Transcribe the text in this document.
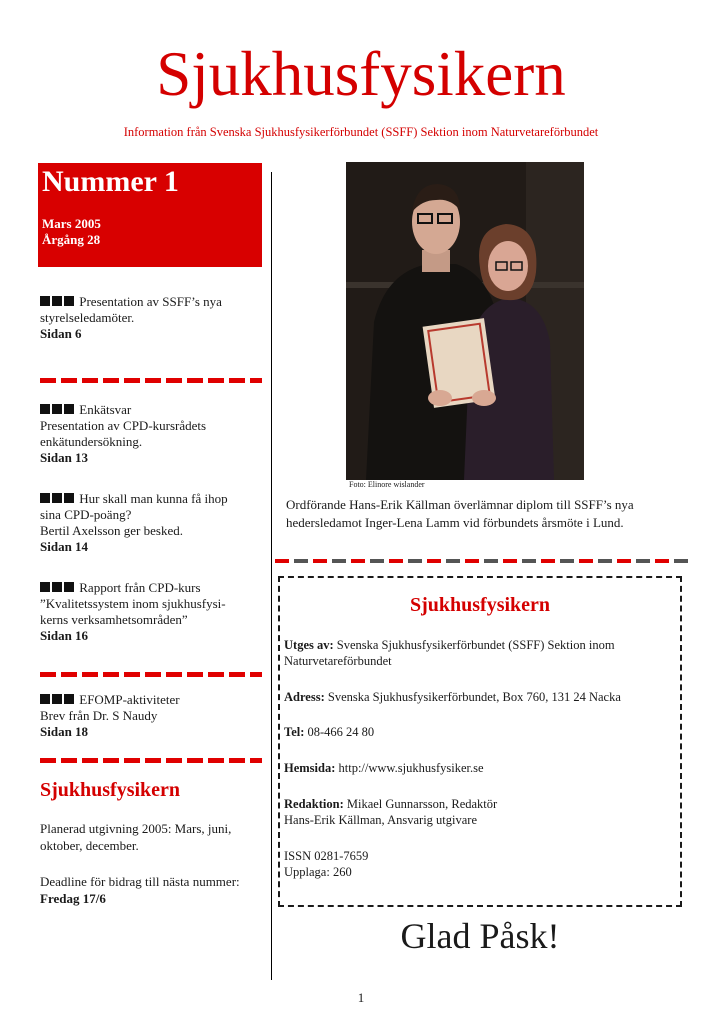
Sjukhusfysikern
Information från Svenska Sjukhusfysikerförbundet (SSFF) Sektion inom Naturvetareförbundet
Nummer 1
Mars 2005
Årgång 28
Presentation av SSFF’s nya
styrelseledamöter.
Sidan 6
Enkätsvar
Presentation av CPD-kursrådets
enkätundersökning.
Sidan 13
Hur skall man kunna få ihop
sina CPD-poäng?
Bertil Axelsson ger besked.
Sidan 14
Rapport från CPD-kurs
”Kvalitetssystem inom sjukhusfysi-
kerns verksamhetsområden”
Sidan 16
EFOMP-aktiviteter
Brev från Dr. S Naudy
Sidan 18
Sjukhusfysikern
Planerad utgivning 2005: Mars, juni,
oktober, december.
Deadline för bidrag till nästa nummer:
Fredag 17/6
Foto: Elinore wislander
Ordförande Hans-Erik Källman överlämnar diplom till SSFF’s nya hedersledamot Inger-Lena Lamm vid förbundets årsmöte i Lund.
Sjukhusfysikern
Utges av: Svenska Sjukhusfysikerförbundet (SSFF) Sektion inom Naturvetareförbundet
Adress: Svenska Sjukhusfysikerförbundet, Box 760, 131 24 Nacka
Tel: 08-466 24 80
Hemsida: http://www.sjukhusfysiker.se
Redaktion: Mikael Gunnarsson, Redaktör
Hans-Erik Källman, Ansvarig utgivare
ISSN 0281-7659
Upplaga: 260
Glad Påsk!
1
